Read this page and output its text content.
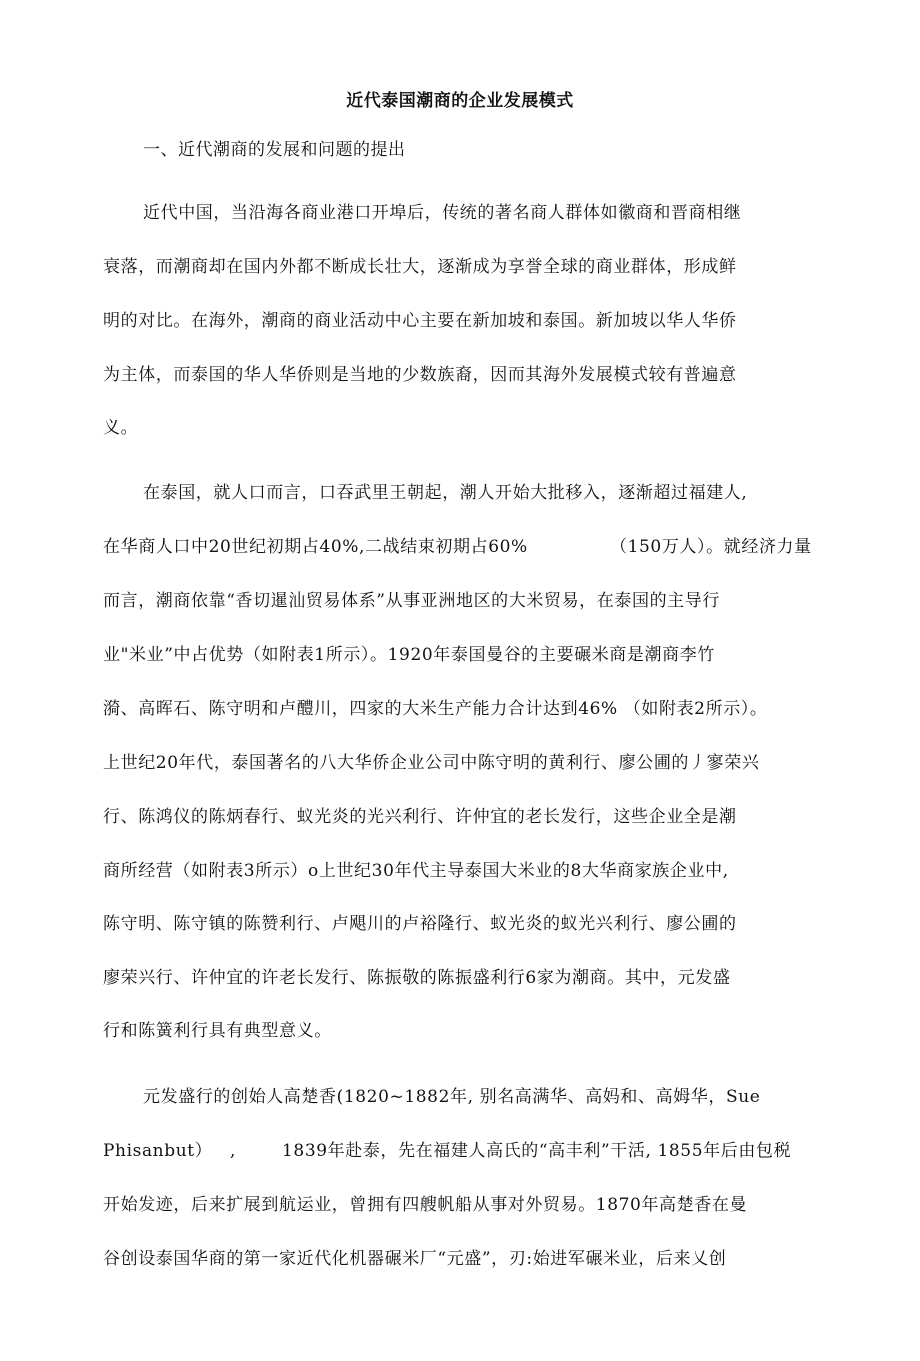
近代泰国潮商的企业发展模式
一、近代潮商的发展和问题的提出
近代中国，当沿海各商业港口开埠后，传统的著名商人群体如徽商和晋商相继
衰落，而潮商却在国内外都不断成长壮大，逐渐成为享誉全球的商业群体，形成鲜
明的对比。在海外，潮商的商业活动中心主要在新加坡和泰国。新加坡以华人华侨
为主体，而泰国的华人华侨则是当地的少数族裔，因而其海外发展模式较有普遍意
义。
在泰国，就人口而言，口吞武里王朝起，潮人开始大批移入，逐渐超过福建人,
在华商人口中20世纪初期占40%,二战结束初期占60%	（150万人）。就经济力量
而言，潮商依靠“香切暹汕贸易体系”从事亚洲地区的大米贸易，在泰国的主导行
业"米业”中占优势（如附表1所示）。1920年泰国曼谷的主要碾米商是潮商李竹
漪、高晖石、陈守明和卢醴川，四家的大米生产能力合计达到46% （如附表2所示）。
上世纪20年代，泰国著名的八大华侨企业公司中陈守明的黄利行、廖公圃的丿寥荣兴
行、陈鸿仪的陈炳春行、蚁光炎的光兴利行、许仲宜的老长发行，这些企业全是潮
商所经营（如附表3所示）o上世纪30年代主导泰国大米业的8大华商家族企业中,
陈守明、陈守镇的陈赞利行、卢飓川的卢裕隆行、蚁光炎的蚁光兴利行、廖公圃的
廖荣兴行、许仲宜的许老长发行、陈振敬的陈振盛利行6家为潮商。其中，元发盛
行和陈簧利行具有典型意义。
元发盛行的创始人高楚香(1820~1882年, 别名高满华、高妈和、高姆华，Sue
Phisanbut） ,	1839年赴泰，先在福建人高氏的“高丰利”干活, 1855年后由包税
开始发迹，后来扩展到航运业，曾拥有四艘帆船从事对外贸易。1870年高楚香在曼
谷创设泰国华商的第一家近代化机器碾米厂“元盛”，刃:始进军碾米业，后来乂创
